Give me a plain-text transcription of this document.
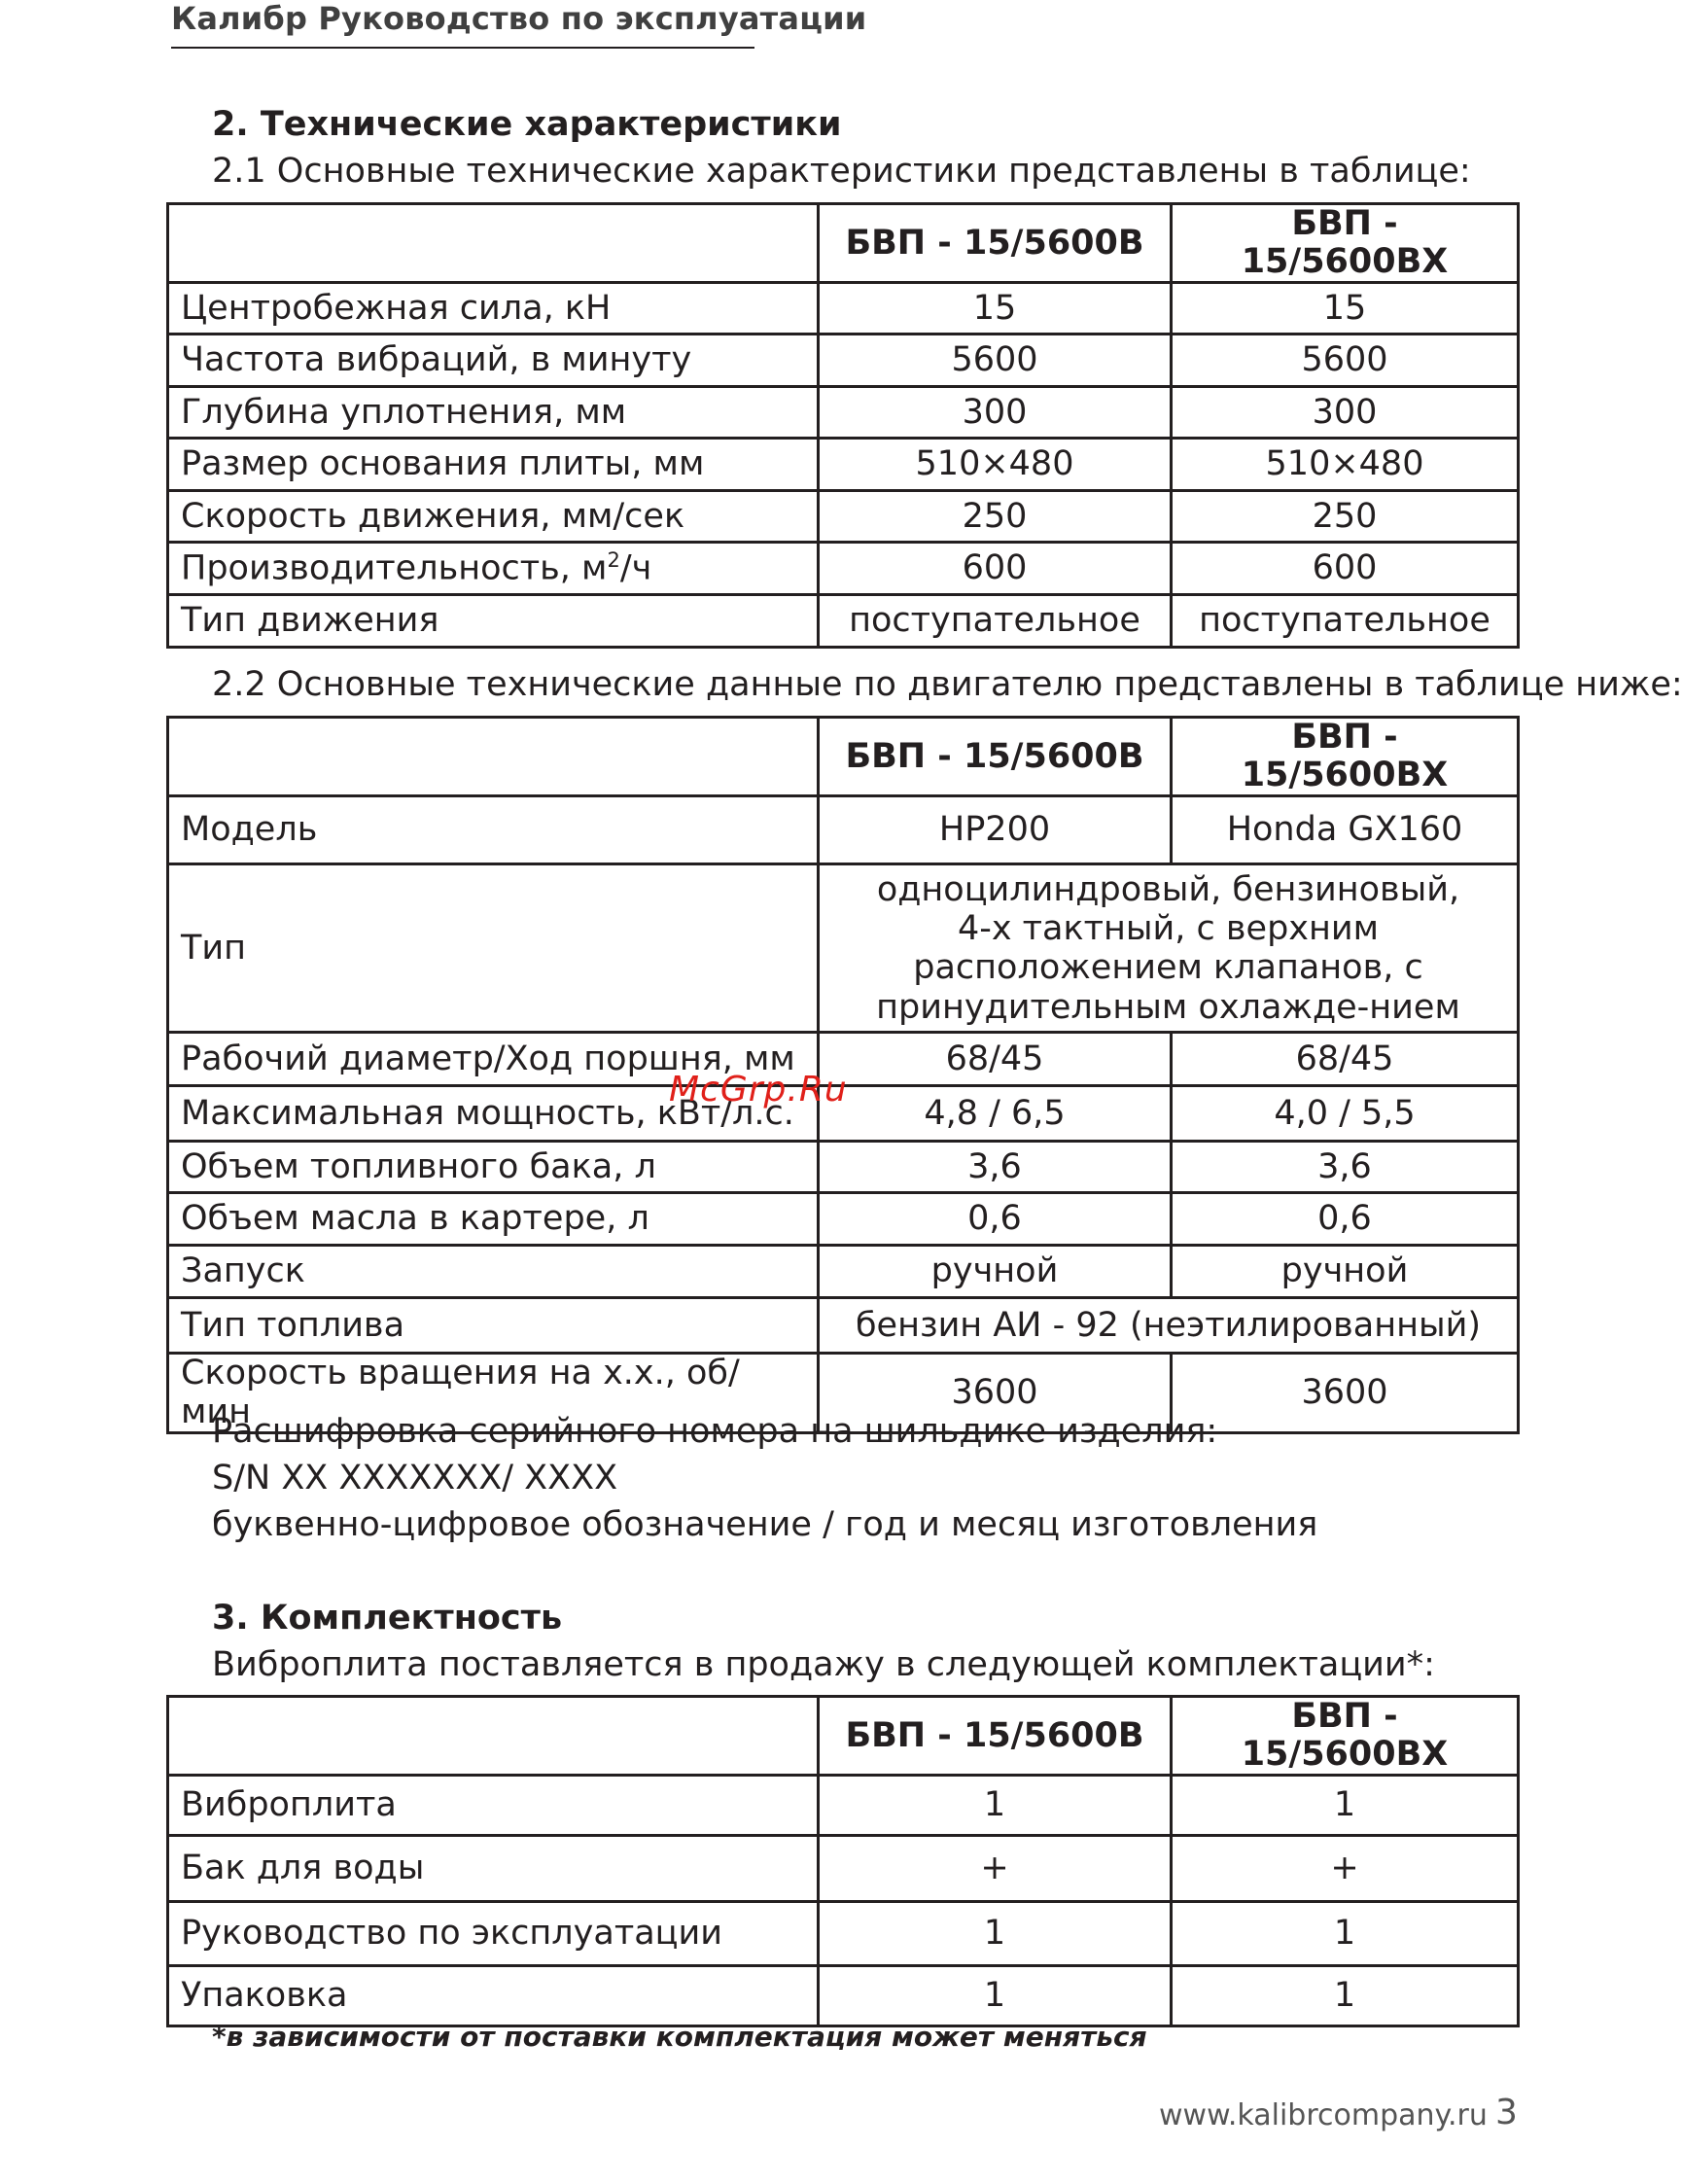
Калибр Руководство по эксплуатации
2. Технические характеристики
2.1 Основные технические характеристики представлены в таблице:
	БВП - 15/5600В	БВП - 15/5600ВХ
Центробежная сила, кН	15	15
Частота вибраций, в минуту	5600	5600
Глубина уплотнения, мм	300	300
Размер основания плиты, мм	510×480	510×480
Скорость движения, мм/сек	250	250
Производительность, $м^2/ч$	600	600
Тип движения	поступательное	поступательное
2.2 Основные технические данные по двигателю представлены в таблице ниже:
	БВП - 15/5600В	БВП - 15/5600ВХ
Модель	HP200	Honda GX160
Тип	одноцилиндровый, бензиновый, 4-х тактный, с верхним расположением клапанов, с принудительным охлажде-нием	
Рабочий диаметр/Ход поршня, мм	68/45	68/45
Максимальная мощность, кВт/л.с.	4,8 / 6,5	4,0 / 5,5
Объем топливного бака, л	3,6	3,6
Объем масла в картере, л	0,6	0,6
Запуск	ручной	ручной
Тип топлива	бензин АИ - 92 (неэтилированный)	
Скорость вращения на х.х., об/мин	3600	3600
McGrp.Ru
Расшифровка серийного номера на шильдике изделия:
S/N XX XXXXXXX/ XXXX
буквенно-цифровое обозначение / год и месяц изготовления
3. Комплектность
Виброплита поставляется в продажу в следующей комплектации*:
	БВП - 15/5600В	БВП - 15/5600ВХ
Виброплита	1	1
Бак для воды	+	+
Руководство по эксплуатации	1	1
Упаковка	1	1
*в зависимости от поставки комплектация может меняться
www.kalibrcompany.ru 3
